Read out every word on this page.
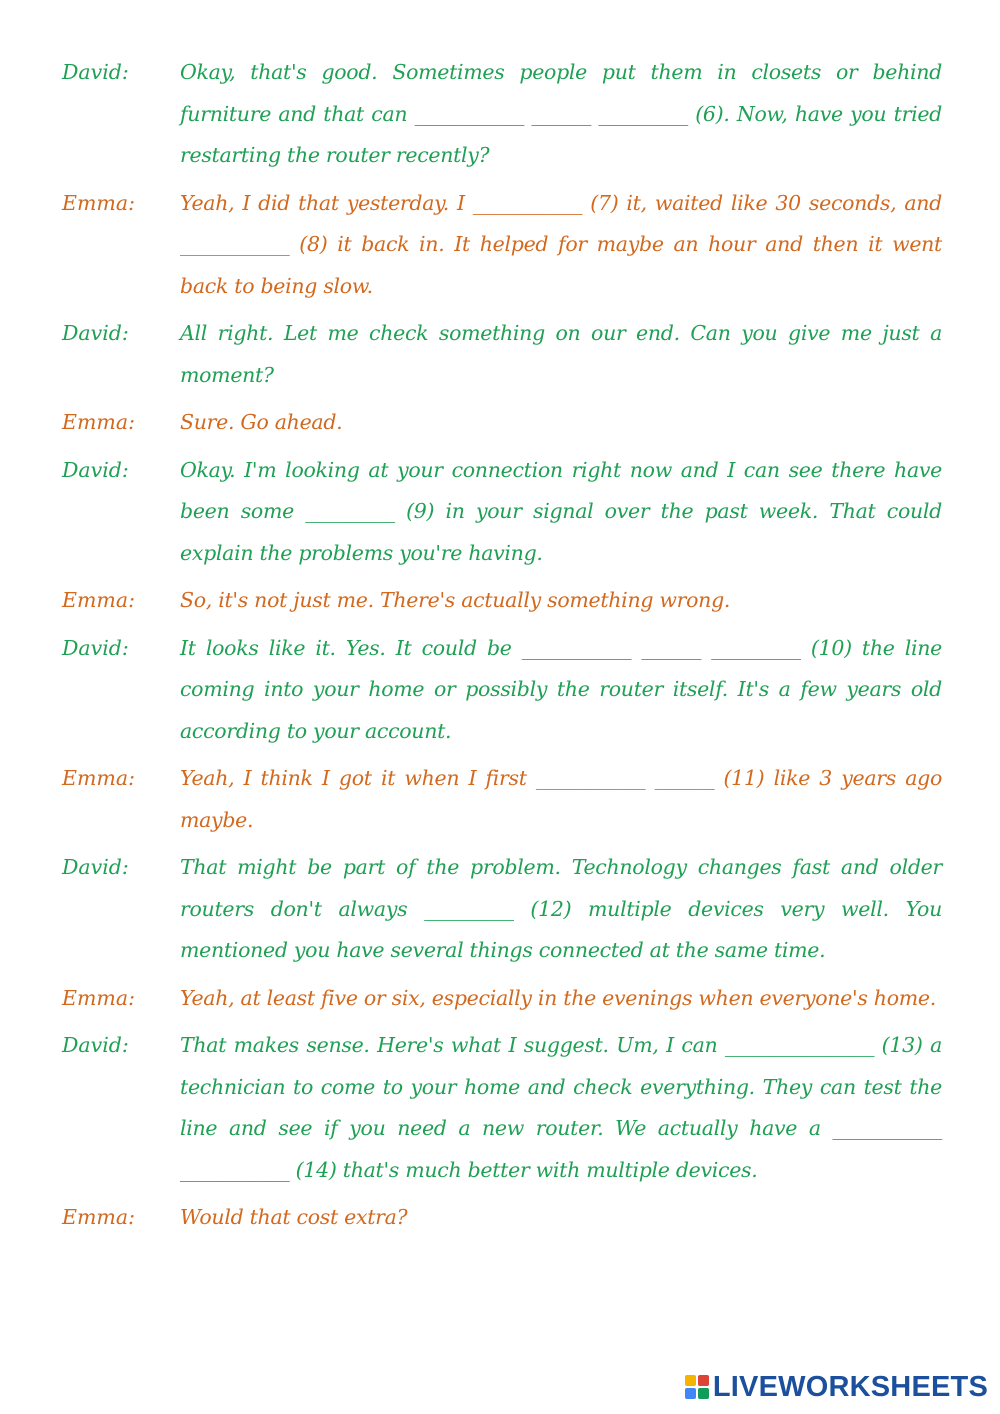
David:	Okay, that's good. Sometimes people put them in closets or behind furniture and that can ___________ ______ _________ (6). Now, have you tried restarting the router recently?
Emma:	Yeah, I did that yesterday. I ___________ (7) it, waited like 30 seconds, and ___________ (8) it back in. It helped for maybe an hour and then it went back to being slow.
David:	All right. Let me check something on our end. Can you give me just a moment?
Emma:	Sure. Go ahead.
David:	Okay. I'm looking at your connection right now and I can see there have been some _________ (9) in your signal over the past week. That could explain the problems you're having.
Emma:	So, it's not just me. There's actually something wrong.
David:	It looks like it. Yes. It could be ___________ ______ _________ (10) the line coming into your home or possibly the router itself. It's a few years old according to your account.
Emma:	Yeah, I think I got it when I first ___________ ______ (11) like 3 years ago maybe.
David:	That might be part of the problem. Technology changes fast and older routers don't always _________ (12) multiple devices very well. You mentioned you have several things connected at the same time.
Emma:	Yeah, at least five or six, especially in the evenings when everyone's home.
David:	That makes sense. Here's what I suggest. Um, I can _______________ (13) a technician to come to your home and check everything. They can test the line and see if you need a new router. We actually have a ___________ ___________ (14) that's much better with multiple devices.
Emma:	Would that cost extra?
LIVEWORKSHEETS
